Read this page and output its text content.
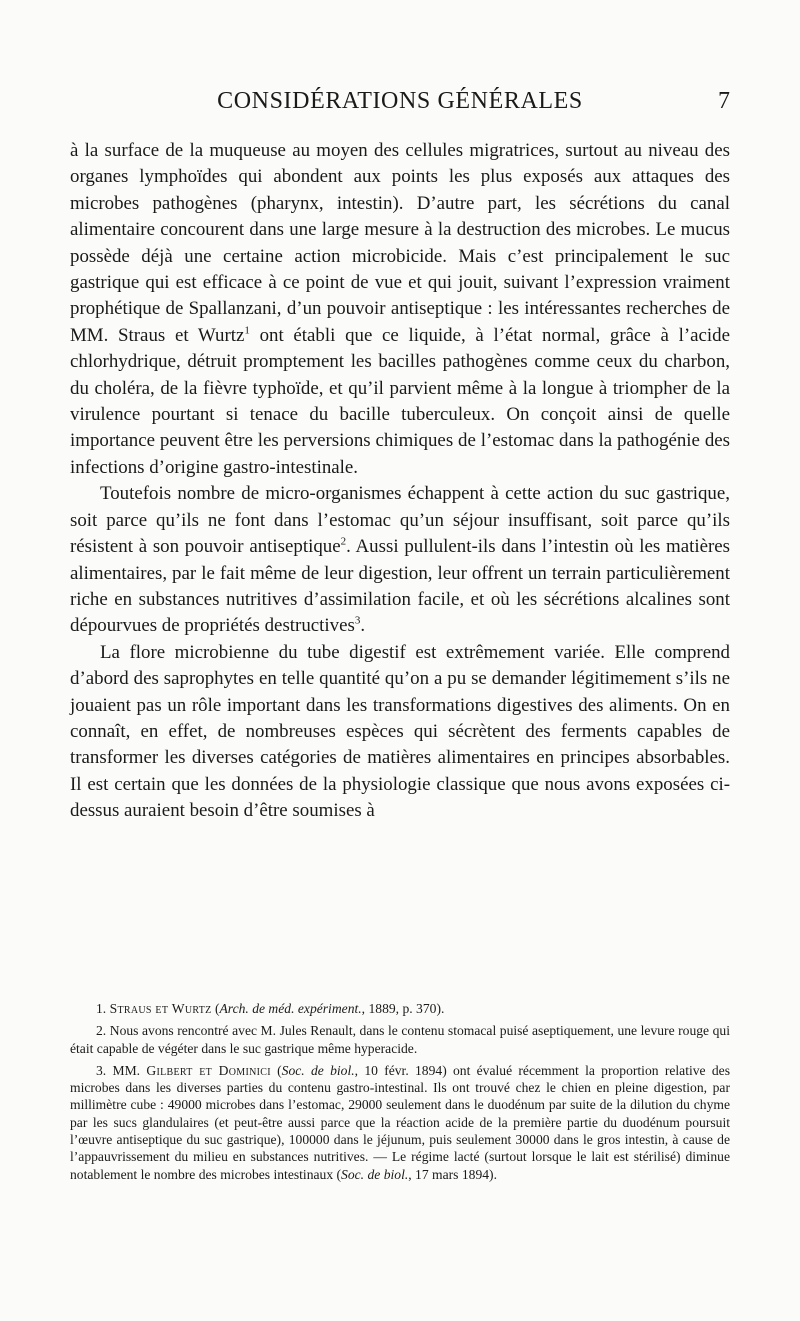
CONSIDÉRATIONS GÉNÉRALES	7

à la surface de la muqueuse au moyen des cellules migratrices, surtout au niveau des organes lymphoïdes qui abondent aux points les plus exposés aux attaques des microbes pathogènes (pharynx, intestin). D’autre part, les sécrétions du canal alimentaire concourent dans une large mesure à la destruction des microbes. Le mucus possède déjà une certaine action microbicide. Mais c’est principalement le suc gastrique qui est efficace à ce point de vue et qui jouit, suivant l’expression vraiment prophétique de Spallanzani, d’un pouvoir antiseptique : les intéressantes recherches de MM. Straus et Wurtz$^1$ ont établi que ce liquide, à l’état normal, grâce à l’acide chlorhydrique, détruit promptement les bacilles pathogènes comme ceux du charbon, du choléra, de la fièvre typhoïde, et qu’il parvient même à la longue à triompher de la virulence pourtant si tenace du bacille tuberculeux. On conçoit ainsi de quelle importance peuvent être les perversions chimiques de l’estomac dans la pathogénie des infections d’origine gastro-intestinale.

Toutefois nombre de micro-organismes échappent à cette action du suc gastrique, soit parce qu’ils ne font dans l’estomac qu’un séjour insuffisant, soit parce qu’ils résistent à son pouvoir antiseptique$^2$. Aussi pullulent-ils dans l’intestin où les matières alimentaires, par le fait même de leur digestion, leur offrent un terrain particulièrement riche en substances nutritives d’assimilation facile, et où les sécrétions alcalines sont dépourvues de propriétés destructives$^3$.

La flore microbienne du tube digestif est extrêmement variée. Elle comprend d’abord des saprophytes en telle quantité qu’on a pu se demander légitimement s’ils ne jouaient pas un rôle important dans les transformations digestives des aliments. On en connaît, en effet, de nombreuses espèces qui sécrètent des ferments capables de transformer les diverses catégories de matières alimentaires en principes absorbables. Il est certain que les données de la physiologie classique que nous avons exposées ci-dessus auraient besoin d’être soumises à

1. Straus et Wurtz (Arch. de méd. expériment., 1889, p. 370).

2. Nous avons rencontré avec M. Jules Renault, dans le contenu stomacal puisé aseptiquement, une levure rouge qui était capable de végéter dans le suc gastrique même hyperacide.

3. MM. Gilbert et Dominici (Soc. de biol., 10 févr. 1894) ont évalué récemment la proportion relative des microbes dans les diverses parties du contenu gastro-intestinal. Ils ont trouvé chez le chien en pleine digestion, par millimètre cube : 49000 microbes dans l’estomac, 29000 seulement dans le duodénum par suite de la dilution du chyme par les sucs glandulaires (et peut-être aussi parce que la réaction acide de la première partie du duodénum poursuit l’œuvre antiseptique du suc gastrique), 100000 dans le jéjunum, puis seulement 30000 dans le gros intestin, à cause de l’appauvrissement du milieu en substances nutritives. — Le régime lacté (surtout lorsque le lait est stérilisé) diminue notablement le nombre des microbes intestinaux (Soc. de biol., 17 mars 1894).
